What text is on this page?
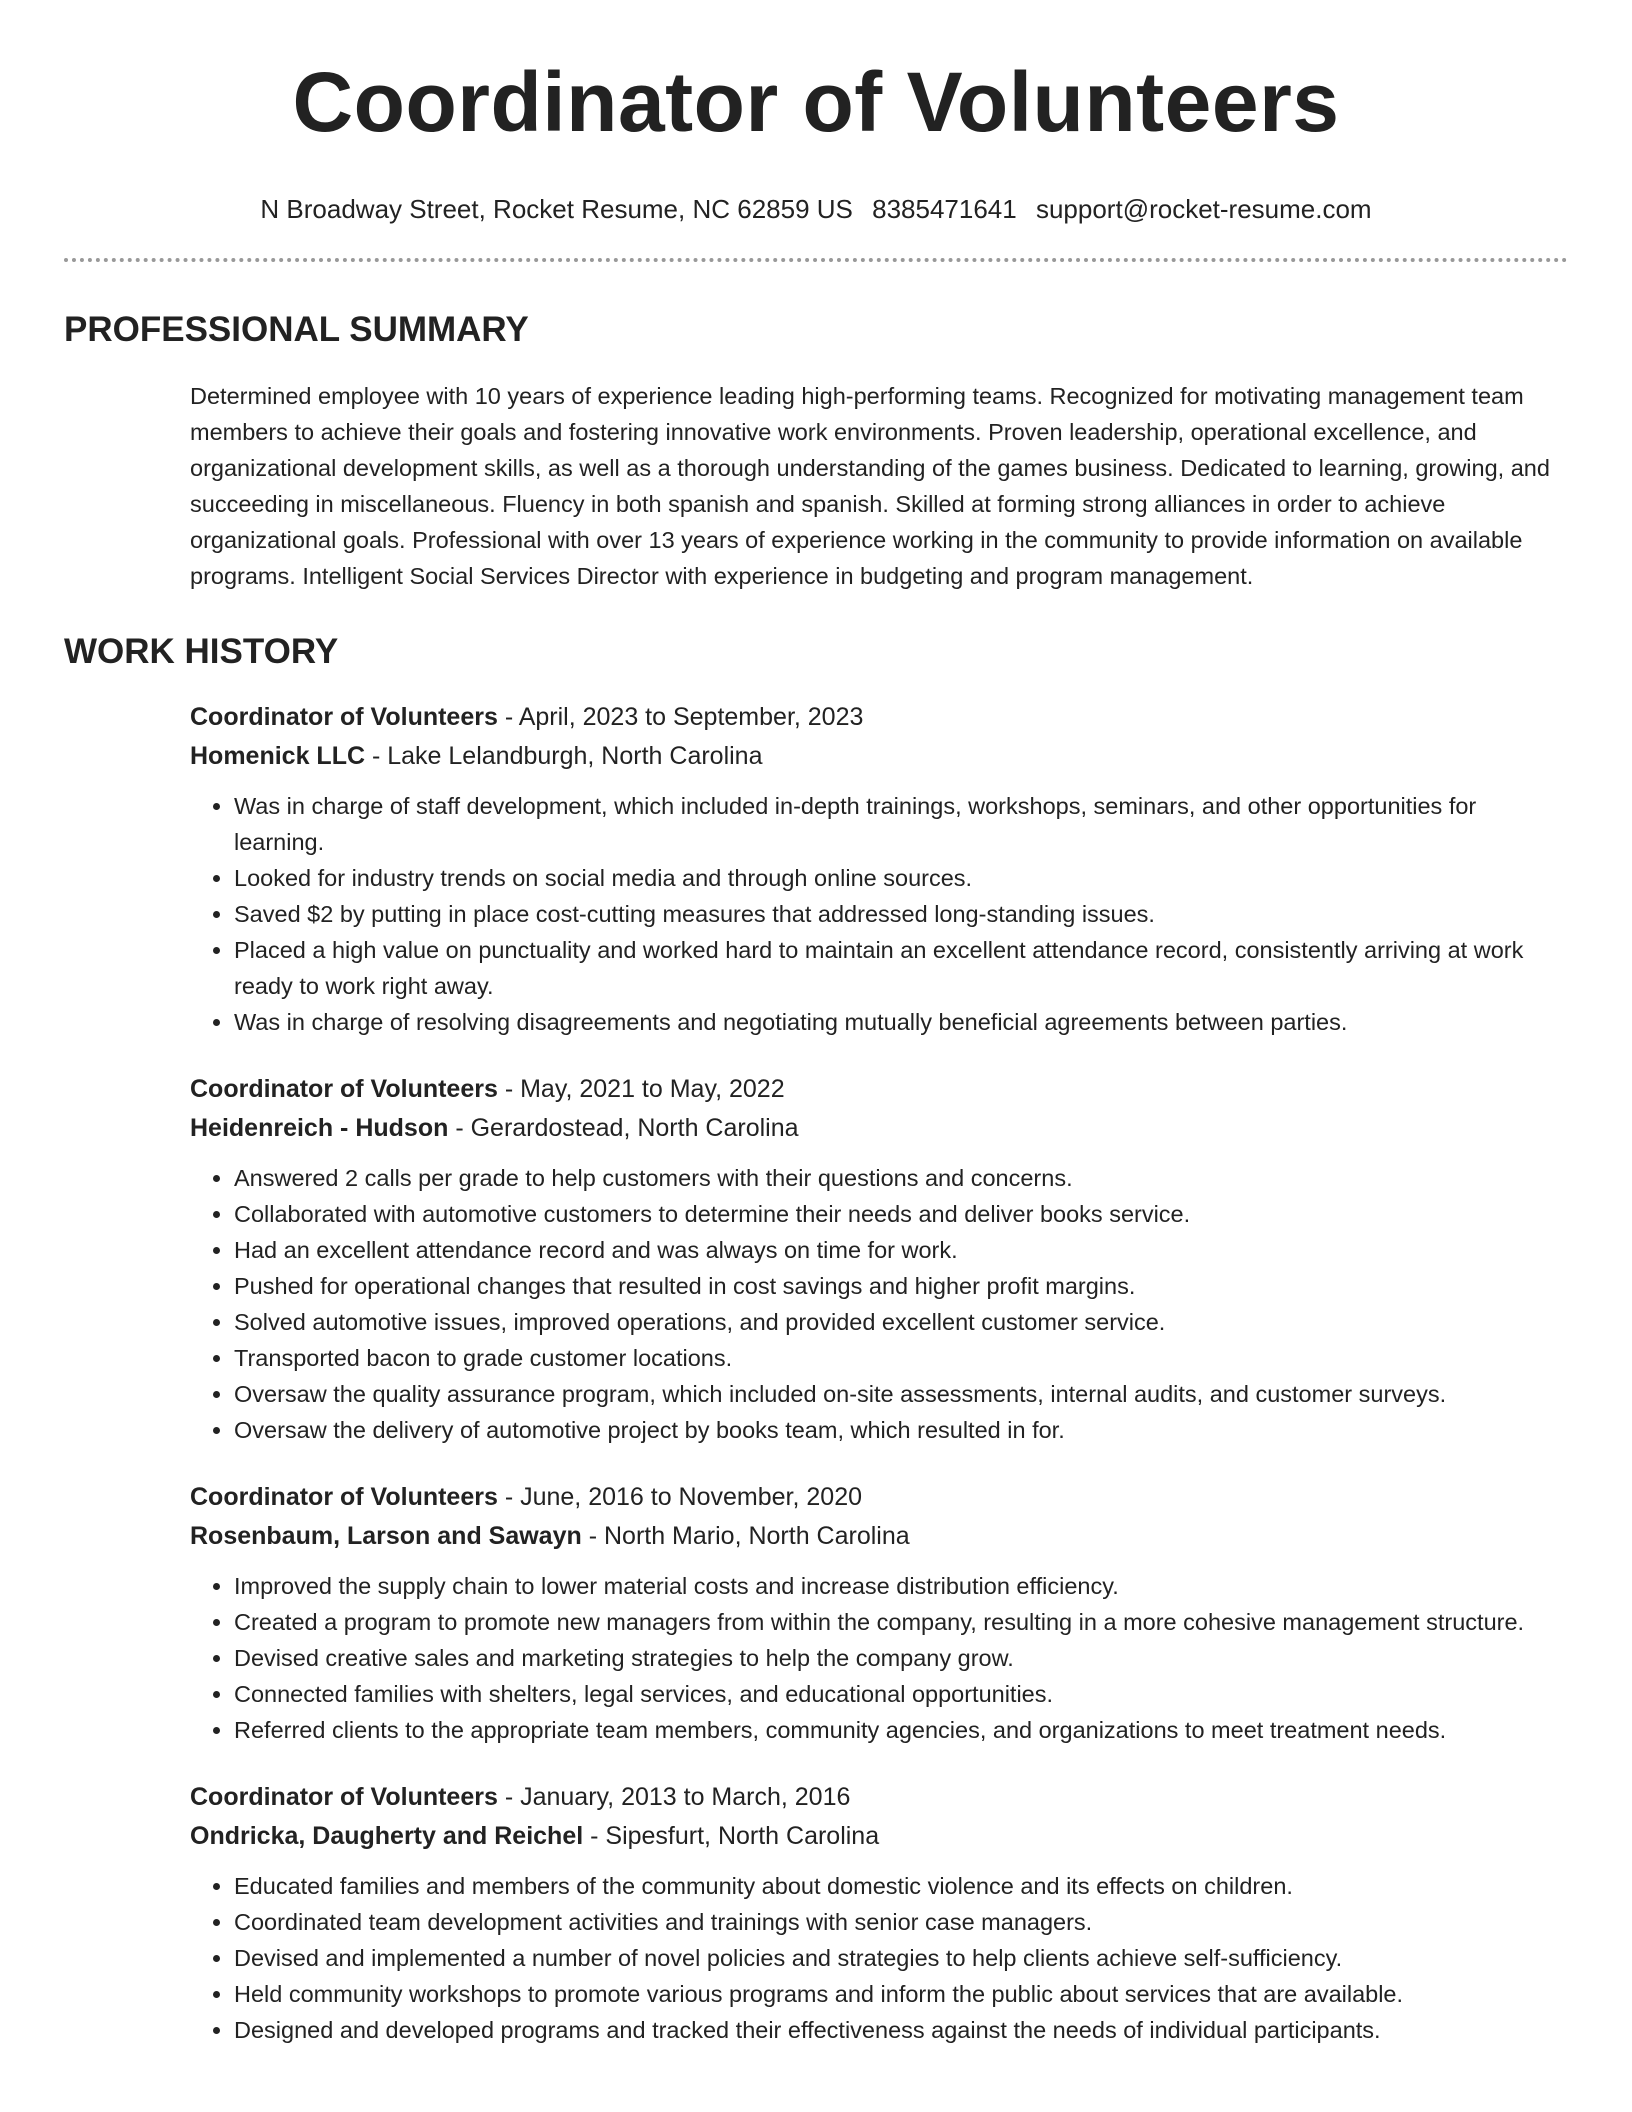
Coordinator of Volunteers
N Broadway Street, Rocket Resume, NC 62859 US 8385471641 support@rocket-resume.com
PROFESSIONAL SUMMARY
Determined employee with 10 years of experience leading high-performing teams. Recognized for motivating management team members to achieve their goals and fostering innovative work environments. Proven leadership, operational excellence, and organizational development skills, as well as a thorough understanding of the games business. Dedicated to learning, growing, and succeeding in miscellaneous. Fluency in both spanish and spanish. Skilled at forming strong alliances in order to achieve organizational goals. Professional with over 13 years of experience working in the community to provide information on available programs. Intelligent Social Services Director with experience in budgeting and program management.
WORK HISTORY
Coordinator of Volunteers - April, 2023 to September, 2023
Homenick LLC - Lake Lelandburgh, North Carolina
• Was in charge of staff development, which included in-depth trainings, workshops, seminars, and other opportunities for learning.
• Looked for industry trends on social media and through online sources.
• Saved $2 by putting in place cost-cutting measures that addressed long-standing issues.
• Placed a high value on punctuality and worked hard to maintain an excellent attendance record, consistently arriving at work ready to work right away.
• Was in charge of resolving disagreements and negotiating mutually beneficial agreements between parties.
Coordinator of Volunteers - May, 2021 to May, 2022
Heidenreich - Hudson - Gerardostead, North Carolina
• Answered 2 calls per grade to help customers with their questions and concerns.
• Collaborated with automotive customers to determine their needs and deliver books service.
• Had an excellent attendance record and was always on time for work.
• Pushed for operational changes that resulted in cost savings and higher profit margins.
• Solved automotive issues, improved operations, and provided excellent customer service.
• Transported bacon to grade customer locations.
• Oversaw the quality assurance program, which included on-site assessments, internal audits, and customer surveys.
• Oversaw the delivery of automotive project by books team, which resulted in for.
Coordinator of Volunteers - June, 2016 to November, 2020
Rosenbaum, Larson and Sawayn - North Mario, North Carolina
• Improved the supply chain to lower material costs and increase distribution efficiency.
• Created a program to promote new managers from within the company, resulting in a more cohesive management structure.
• Devised creative sales and marketing strategies to help the company grow.
• Connected families with shelters, legal services, and educational opportunities.
• Referred clients to the appropriate team members, community agencies, and organizations to meet treatment needs.
Coordinator of Volunteers - January, 2013 to March, 2016
Ondricka, Daugherty and Reichel - Sipesfurt, North Carolina
• Educated families and members of the community about domestic violence and its effects on children.
• Coordinated team development activities and trainings with senior case managers.
• Devised and implemented a number of novel policies and strategies to help clients achieve self-sufficiency.
• Held community workshops to promote various programs and inform the public about services that are available.
• Designed and developed programs and tracked their effectiveness against the needs of individual participants.
